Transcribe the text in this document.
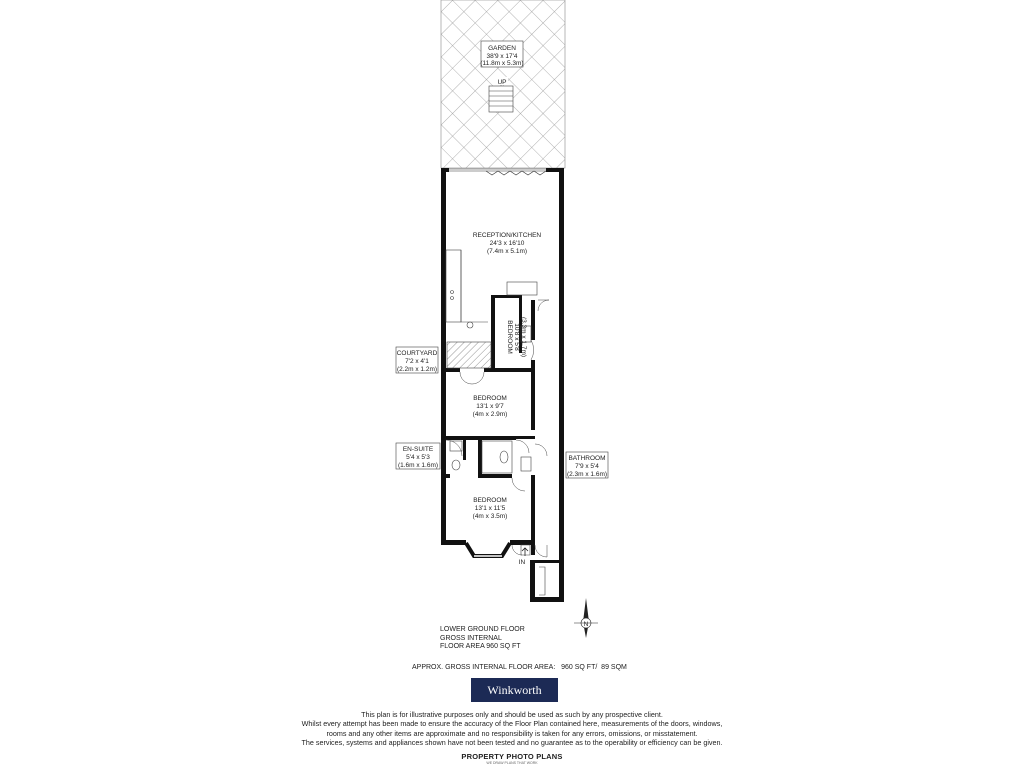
GARDEN
38'9 x 17'4
(11.8m x 5.3m)
UP
RECEPTION/KITCHEN
24'3 x 16'10
(7.4m x 5.1m)
BEDROOM 10'8 x 5'8 (3.3m x 1.7m)
COURTYARD
7'2 x 4'1
(2.2m x 1.2m)
BEDROOM
13'1 x 9'7
(4m x 2.9m)
EN-SUITE
5'4 x 5'3
(1.6m x 1.6m)
BATHROOM
7'9 x 5'4
(2.3m x 1.6m)
BEDROOM
13'1 x 11'5
(4m x 3.5m)
IN
N
LOWER GROUND FLOOR
GROSS INTERNAL
FLOOR AREA 960 SQ FT
APPROX. GROSS INTERNAL FLOOR AREA:   960 SQ FT/  89 SQM
Winkworth
This plan is for illustrative purposes only and should be used as such by any prospective client.
Whilst every attempt has been made to ensure the accuracy of the Floor Plan contained here, measurements of the doors, windows,
rooms and any other items are approximate and no responsibility is taken for any errors, omissions, or misstatement.
The services, systems and appliances shown have not been tested and no guarantee as to the operability or efficiency can be given.
PROPERTY PHOTO PLANS
WE DRAW PLANS THAT WORK
